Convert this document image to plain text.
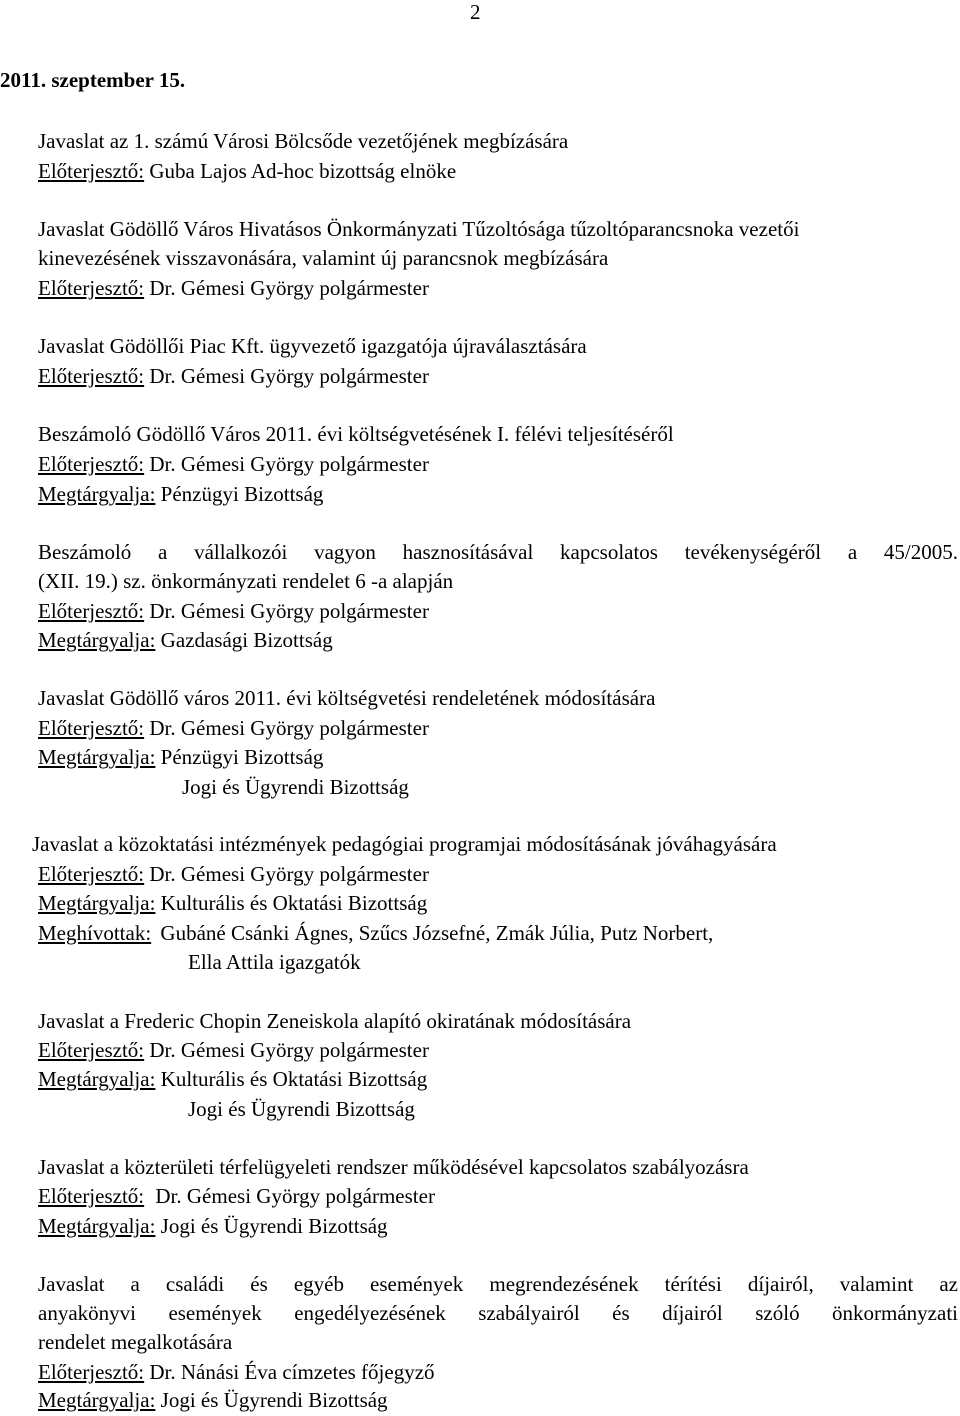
2
2011. szeptember 15.
Javaslat az 1. számú Városi Bölcsőde vezetőjének megbízására
Előterjesztő: Guba Lajos Ad-hoc bizottság elnöke
Javaslat Gödöllő Város Hivatásos Önkormányzati Tűzoltósága tűzoltóparancsnoka vezetői
kinevezésének visszavonására, valamint új parancsnok megbízására
Előterjesztő: Dr. Gémesi György polgármester
Javaslat Gödöllői Piac Kft. ügyvezető igazgatója újraválasztására
Előterjesztő: Dr. Gémesi György polgármester
Beszámoló Gödöllő Város 2011. évi költségvetésének I. félévi teljesítéséről
Előterjesztő: Dr. Gémesi György polgármester
Megtárgyalja: Pénzügyi Bizottság
Beszámoló a vállalkozói vagyon hasznosításával kapcsolatos tevékenységéről a 45/2005.
(XII. 19.) sz. önkormányzati rendelet 6 -a alapján
Előterjesztő: Dr. Gémesi György polgármester
Megtárgyalja: Gazdasági Bizottság
Javaslat Gödöllő város 2011. évi költségvetési rendeletének módosítására
Előterjesztő: Dr. Gémesi György polgármester
Megtárgyalja: Pénzügyi Bizottság
Jogi és Ügyrendi Bizottság
Javaslat a közoktatási intézmények pedagógiai programjai módosításának jóváhagyására
Előterjesztő: Dr. Gémesi György polgármester
Megtárgyalja: Kulturális és Oktatási Bizottság
Meghívottak: Gubáné Csánki Ágnes, Szűcs Józsefné, Zmák Júlia, Putz Norbert,
Ella Attila igazgatók
Javaslat a Frederic Chopin Zeneiskola alapító okiratának módosítására
Előterjesztő: Dr. Gémesi György polgármester
Megtárgyalja: Kulturális és Oktatási Bizottság
Jogi és Ügyrendi Bizottság
Javaslat a közterületi térfelügyeleti rendszer működésével kapcsolatos szabályozásra
Előterjesztő: Dr. Gémesi György polgármester
Megtárgyalja: Jogi és Ügyrendi Bizottság
Javaslat a családi és egyéb események megrendezésének térítési díjairól, valamint az
anyakönyvi események engedélyezésének szabályairól és díjairól szóló önkormányzati
rendelet megalkotására
Előterjesztő: Dr. Nánási Éva címzetes főjegyző
Megtárgyalja: Jogi és Ügyrendi Bizottság
